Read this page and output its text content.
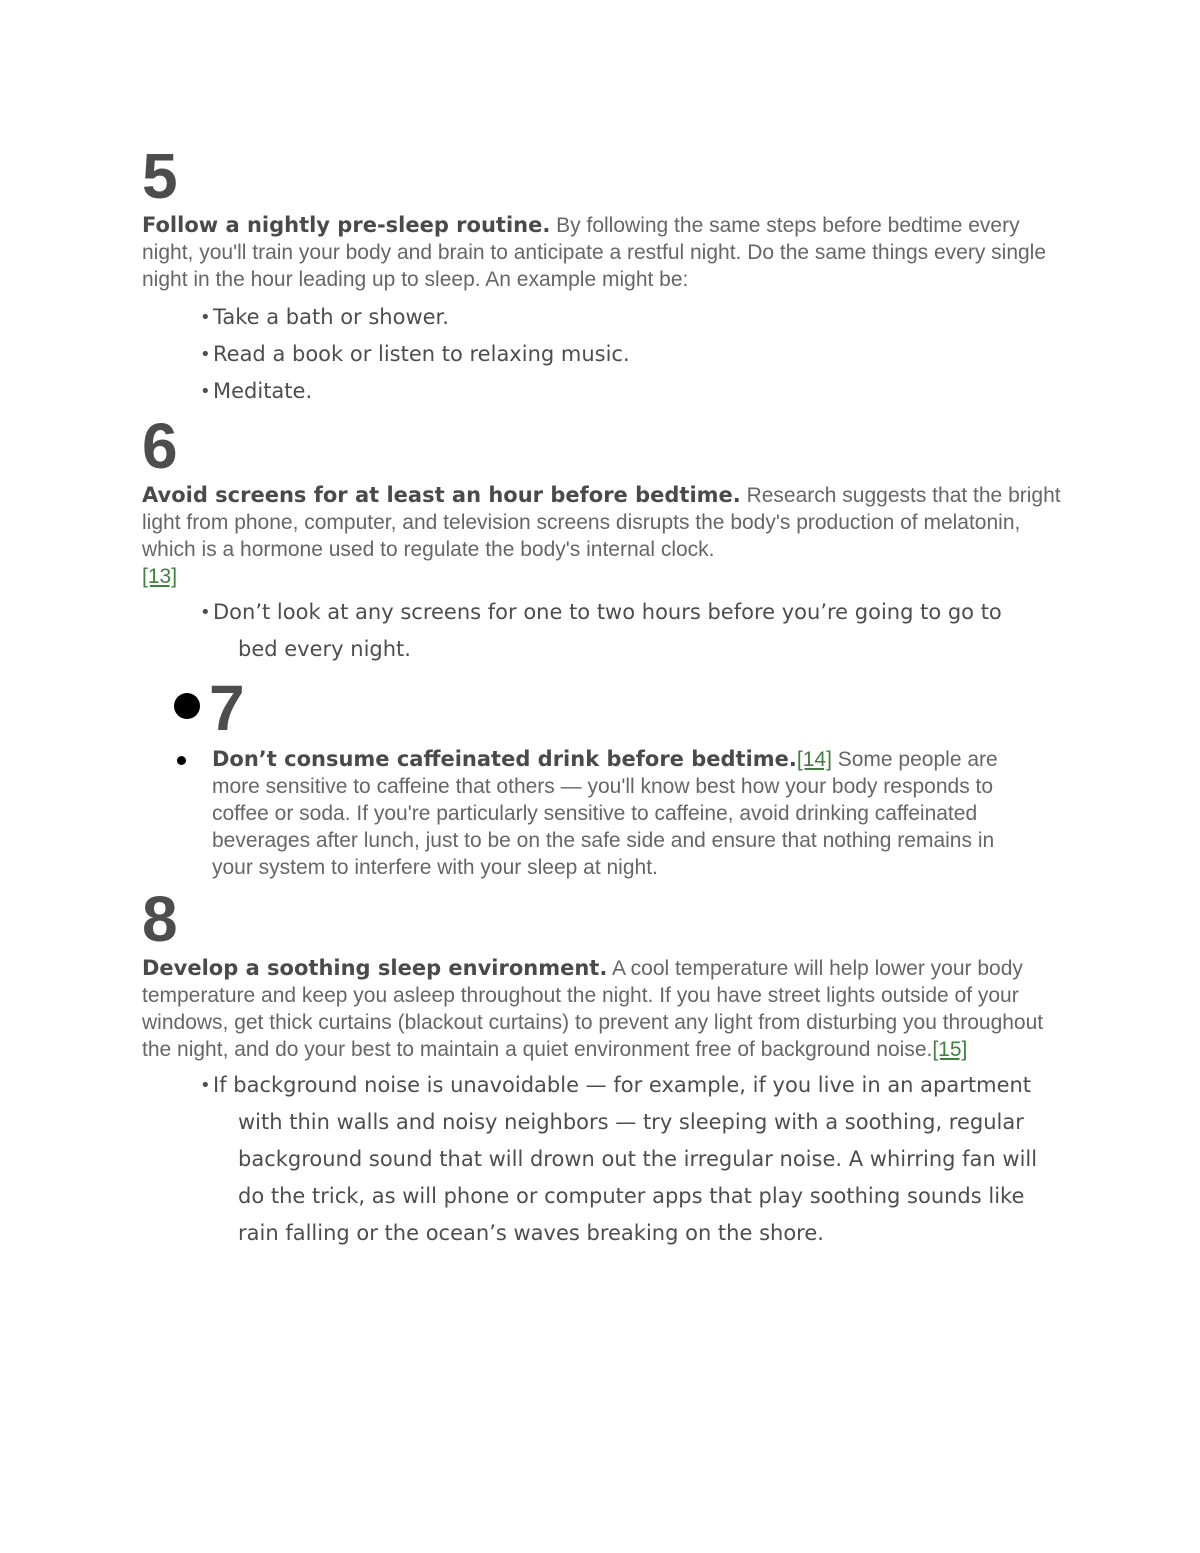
5

Follow a nightly pre-sleep routine. By following the same steps before bedtime every night, you'll train your body and brain to anticipate a restful night. Do the same things every single night in the hour leading up to sleep. An example might be:

• Take a bath or shower.
• Read a book or listen to relaxing music.
• Meditate.
6

Avoid screens for at least an hour before bedtime. Research suggests that the bright light from phone, computer, and television screens disrupts the body's production of melatonin, which is a hormone used to regulate the body's internal clock.
[13]

• Don’t look at any screens for one to two hours before you’re going to go to bed every night.
7

Don’t consume caffeinated drink before bedtime.[14] Some people are more sensitive to caffeine that others — you'll know best how your body responds to coffee or soda. If you're particularly sensitive to caffeine, avoid drinking caffeinated beverages after lunch, just to be on the safe side and ensure that nothing remains in your system to interfere with your sleep at night.

8

Develop a soothing sleep environment. A cool temperature will help lower your body temperature and keep you asleep throughout the night. If you have street lights outside of your windows, get thick curtains (blackout curtains) to prevent any light from disturbing you throughout the night, and do your best to maintain a quiet environment free of background noise.[15]

• If background noise is unavoidable — for example, if you live in an apartment with thin walls and noisy neighbors — try sleeping with a soothing, regular background sound that will drown out the irregular noise. A whirring fan will do the trick, as will phone or computer apps that play soothing sounds like rain falling or the ocean’s waves breaking on the shore.
